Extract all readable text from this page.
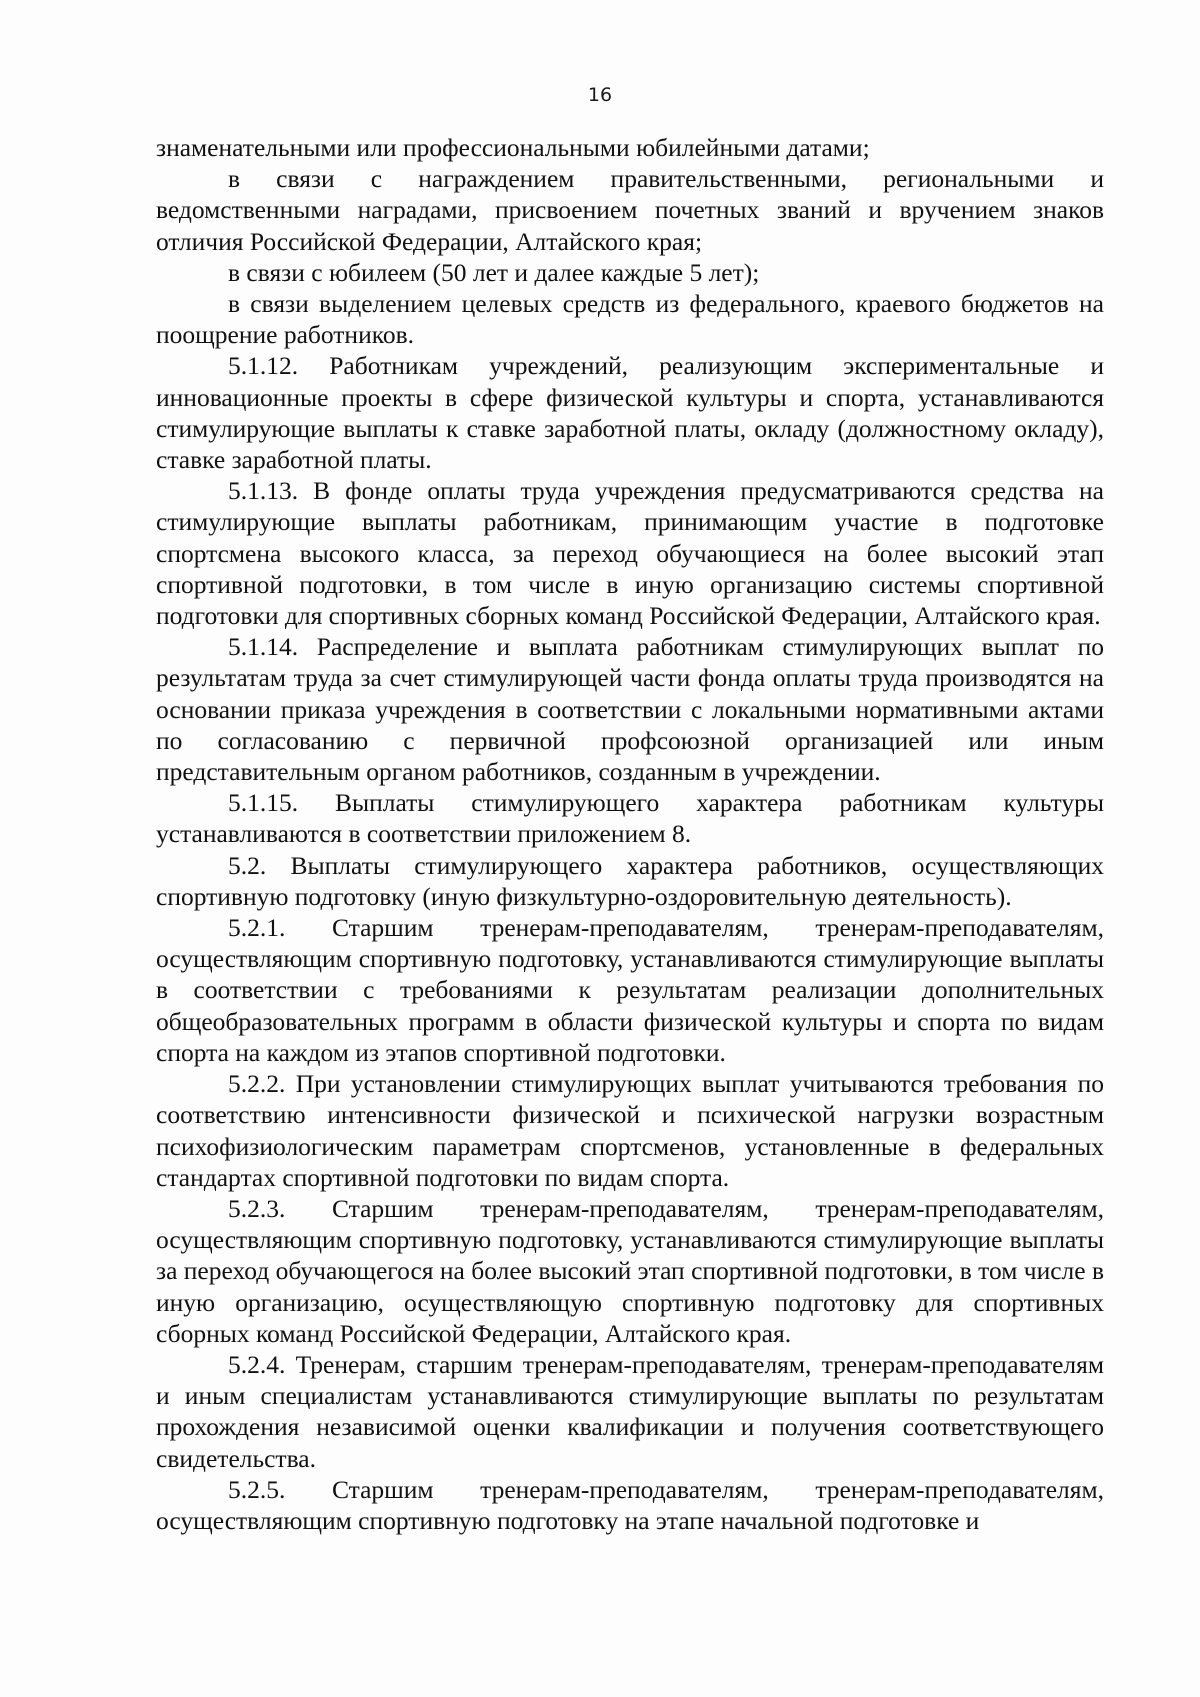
16

знаменательными или профессиональными юбилейными датами;

в связи с награждением правительственными, региональными и ведомственными наградами, присвоением почетных званий и вручением знаков отличия Российской Федерации, Алтайского края;

в связи с юбилеем (50 лет и далее каждые 5 лет);

в связи выделением целевых средств из федерального, краевого бюджетов на поощрение работников.

5.1.12. Работникам учреждений, реализующим экспериментальные и инновационные проекты в сфере физической культуры и спорта, устанавливаются стимулирующие выплаты к ставке заработной платы, окладу (должностному окладу), ставке заработной платы.

5.1.13. В фонде оплаты труда учреждения предусматриваются средства на стимулирующие выплаты работникам, принимающим участие в подготовке спортсмена высокого класса, за переход обучающиеся на более высокий этап спортивной подготовки, в том числе в иную организацию системы спортивной подготовки для спортивных сборных команд Российской Федерации, Алтайского края.

5.1.14. Распределение и выплата работникам стимулирующих выплат по результатам труда за счет стимулирующей части фонда оплаты труда производятся на основании приказа учреждения в соответствии с локальными нормативными актами по согласованию с первичной профсоюзной организацией или иным представительным органом работников, созданным в учреждении.

5.1.15. Выплаты стимулирующего характера работникам культуры устанавливаются в соответствии приложением 8.

5.2. Выплаты стимулирующего характера работников, осуществляющих спортивную подготовку (иную физкультурно-оздоровительную деятельность).

5.2.1. Старшим тренерам-преподавателям, тренерам-преподавателям, осуществляющим спортивную подготовку, устанавливаются стимулирующие выплаты в соответствии с требованиями к результатам реализации дополнительных общеобразовательных программ в области физической культуры и спорта по видам спорта на каждом из этапов спортивной подготовки.

5.2.2. При установлении стимулирующих выплат учитываются требования по соответствию интенсивности физической и психической нагрузки возрастным психофизиологическим параметрам спортсменов, установленные в федеральных стандартах спортивной подготовки по видам спорта.

5.2.3. Старшим тренерам-преподавателям, тренерам-преподавателям, осуществляющим спортивную подготовку, устанавливаются стимулирующие выплаты за переход обучающегося на более высокий этап спортивной подготовки, в том числе в иную организацию, осуществляющую спортивную подготовку для спортивных сборных команд Российской Федерации, Алтайского края.

5.2.4. Тренерам, старшим тренерам-преподавателям, тренерам-преподавателям и иным специалистам устанавливаются стимулирующие выплаты по результатам прохождения независимой оценки квалификации и получения соответствующего свидетельства.

5.2.5. Старшим тренерам-преподавателям, тренерам-преподавателям, осуществляющим спортивную подготовку на этапе начальной подготовке и
